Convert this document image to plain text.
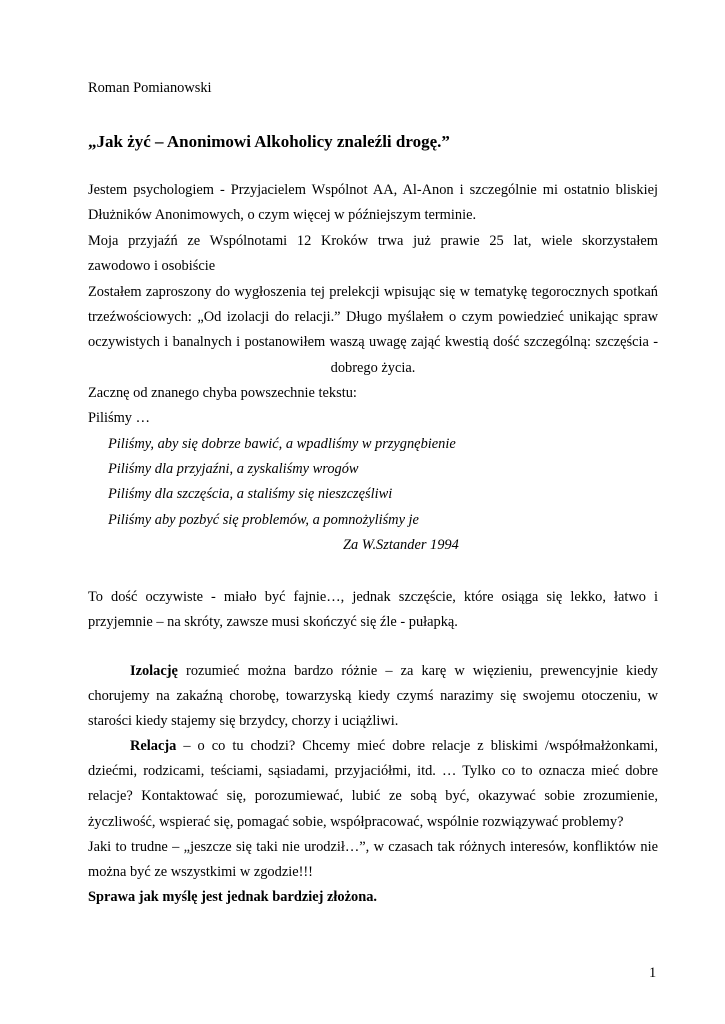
Roman Pomianowski
„Jak żyć – Anonimowi Alkoholicy znaleźli drogę.”
Jestem psychologiem - Przyjacielem Wspólnot AA, Al-Anon i szczególnie mi ostatnio bliskiej
Dłużników Anonimowych, o czym więcej w późniejszym terminie.
Moja przyjaźń ze Wspólnotami 12 Kroków trwa już prawie 25 lat, wiele skorzystałem
zawodowo i osobiście
Zostałem zaproszony do wygłoszenia tej prelekcji wpisując się w tematykę tegorocznych spotkań
trzeźwościowych: „Od izolacji do relacji.” Długo myślałem o czym powiedzieć unikając spraw
oczywistych i banalnych i postanowiłem waszą uwagę zająć kwestią dość szczególną: szczęścia -
dobrego życia.
Zacznę od znanego chyba powszechnie tekstu:
Piliśmy …
Piliśmy, aby się dobrze bawić, a wpadliśmy w przygnębienie
Piliśmy dla przyjaźni, a zyskaliśmy wrogów
Piliśmy dla szczęścia, a staliśmy się nieszczęśliwi
Piliśmy aby pozbyć się problemów, a pomnożyliśmy je
Za W.Sztander 1994
To dość oczywiste - miało być fajnie…, jednak szczęście, które osiąga się lekko, łatwo i
przyjemnie – na skróty, zawsze musi skończyć się źle - pułapką.
Izolację rozumieć można bardzo różnie – za karę w więzieniu, prewencyjnie kiedy
chorujemy na zakaźną chorobę, towarzyską kiedy czymś narazimy się swojemu otoczeniu, w
starości kiedy stajemy się brzydcy, chorzy i uciążliwi.
Relacja – o co tu chodzi? Chcemy mieć dobre relacje z bliskimi /współmałżonkami,
dziećmi, rodzicami, teściami, sąsiadami, przyjaciółmi, itd. … Tylko co to oznacza mieć dobre
relacje? Kontaktować się, porozumiewać, lubić ze sobą być, okazywać sobie zrozumienie,
życzliwość, wspierać się, pomagać sobie, współpracować, wspólnie rozwiązywać problemy?
Jaki to trudne – „jeszcze się taki nie urodził…”, w czasach tak różnych interesów, konfliktów nie
można być ze wszystkimi w zgodzie!!!
Sprawa jak myślę jest jednak bardziej złożona.
1
